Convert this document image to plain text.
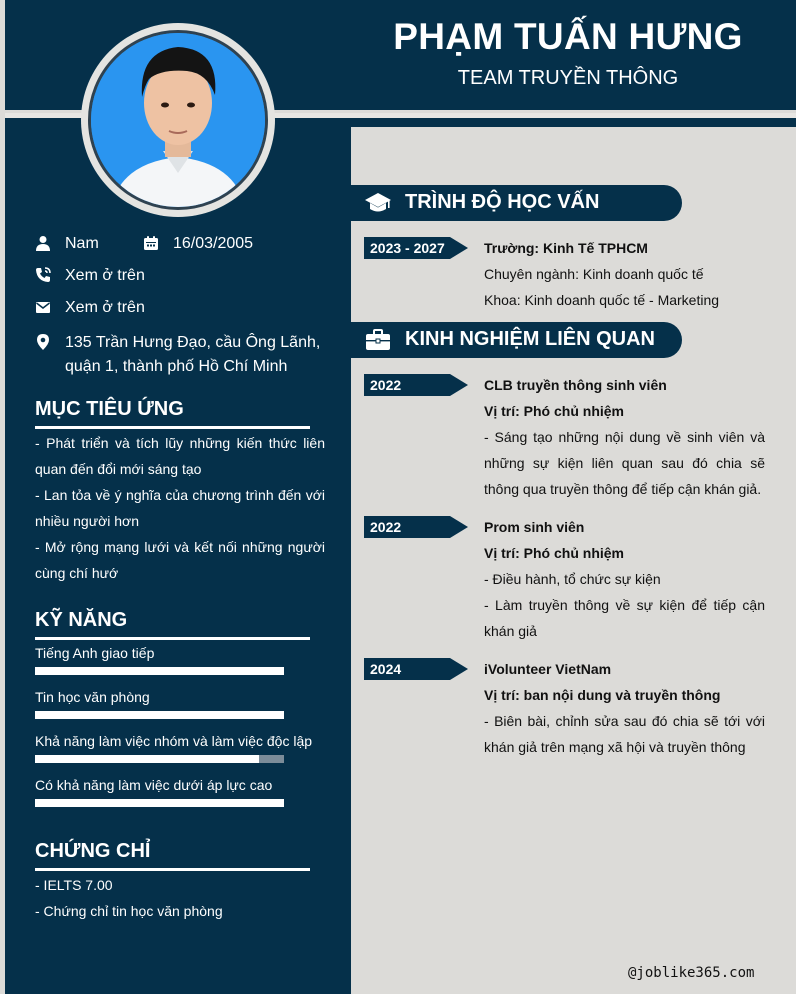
PHẠM TUẤN HƯNG
TEAM TRUYỀN THÔNG
Nam	16/03/2005
Xem ở trên
Xem ở trên
135 Trần Hưng Đạo, cầu Ông Lãnh,
quận 1, thành phố Hồ Chí Minh
MỤC TIÊU ỨNG
- Phát triển và tích lũy những kiến thức liên quan đến đổi mới sáng tạo
- Lan tỏa về ý nghĩa của chương trình đến với nhiều người hơn
- Mở rộng mạng lưới và kết nối những người cùng chí hướ
KỸ NĂNG
Tiếng Anh giao tiếp
Tin học văn phòng
Khả năng làm việc nhóm và làm việc độc lập
Có khả năng làm việc dưới áp lực cao
CHỨNG CHỈ
- IELTS 7.00
- Chứng chỉ tin học văn phòng
TRÌNH ĐỘ HỌC VẤN
2023 - 2027	Trường: Kinh Tế TPHCM
Chuyên ngành: Kinh doanh quốc tế
Khoa: Kinh doanh quốc tế - Marketing
KINH NGHIỆM LIÊN QUAN
2022	CLB truyền thông sinh viên
Vị trí: Phó chủ nhiệm
- Sáng tạo những nội dung về sinh viên và những sự kiện liên quan sau đó chia sẽ thông qua truyền thông để tiếp cận khán giả.
2022	Prom sinh viên
Vị trí: Phó chủ nhiệm
- Điều hành, tổ chức sự kiện
- Làm truyền thông về sự kiện để tiếp cận khán giả
2024	iVolunteer VietNam
Vị trí: ban nội dung và truyền thông
- Biên bài, chỉnh sửa sau đó chia sẽ tới với khán giả trên mạng xã hội và truyền thông
@joblike365.com
